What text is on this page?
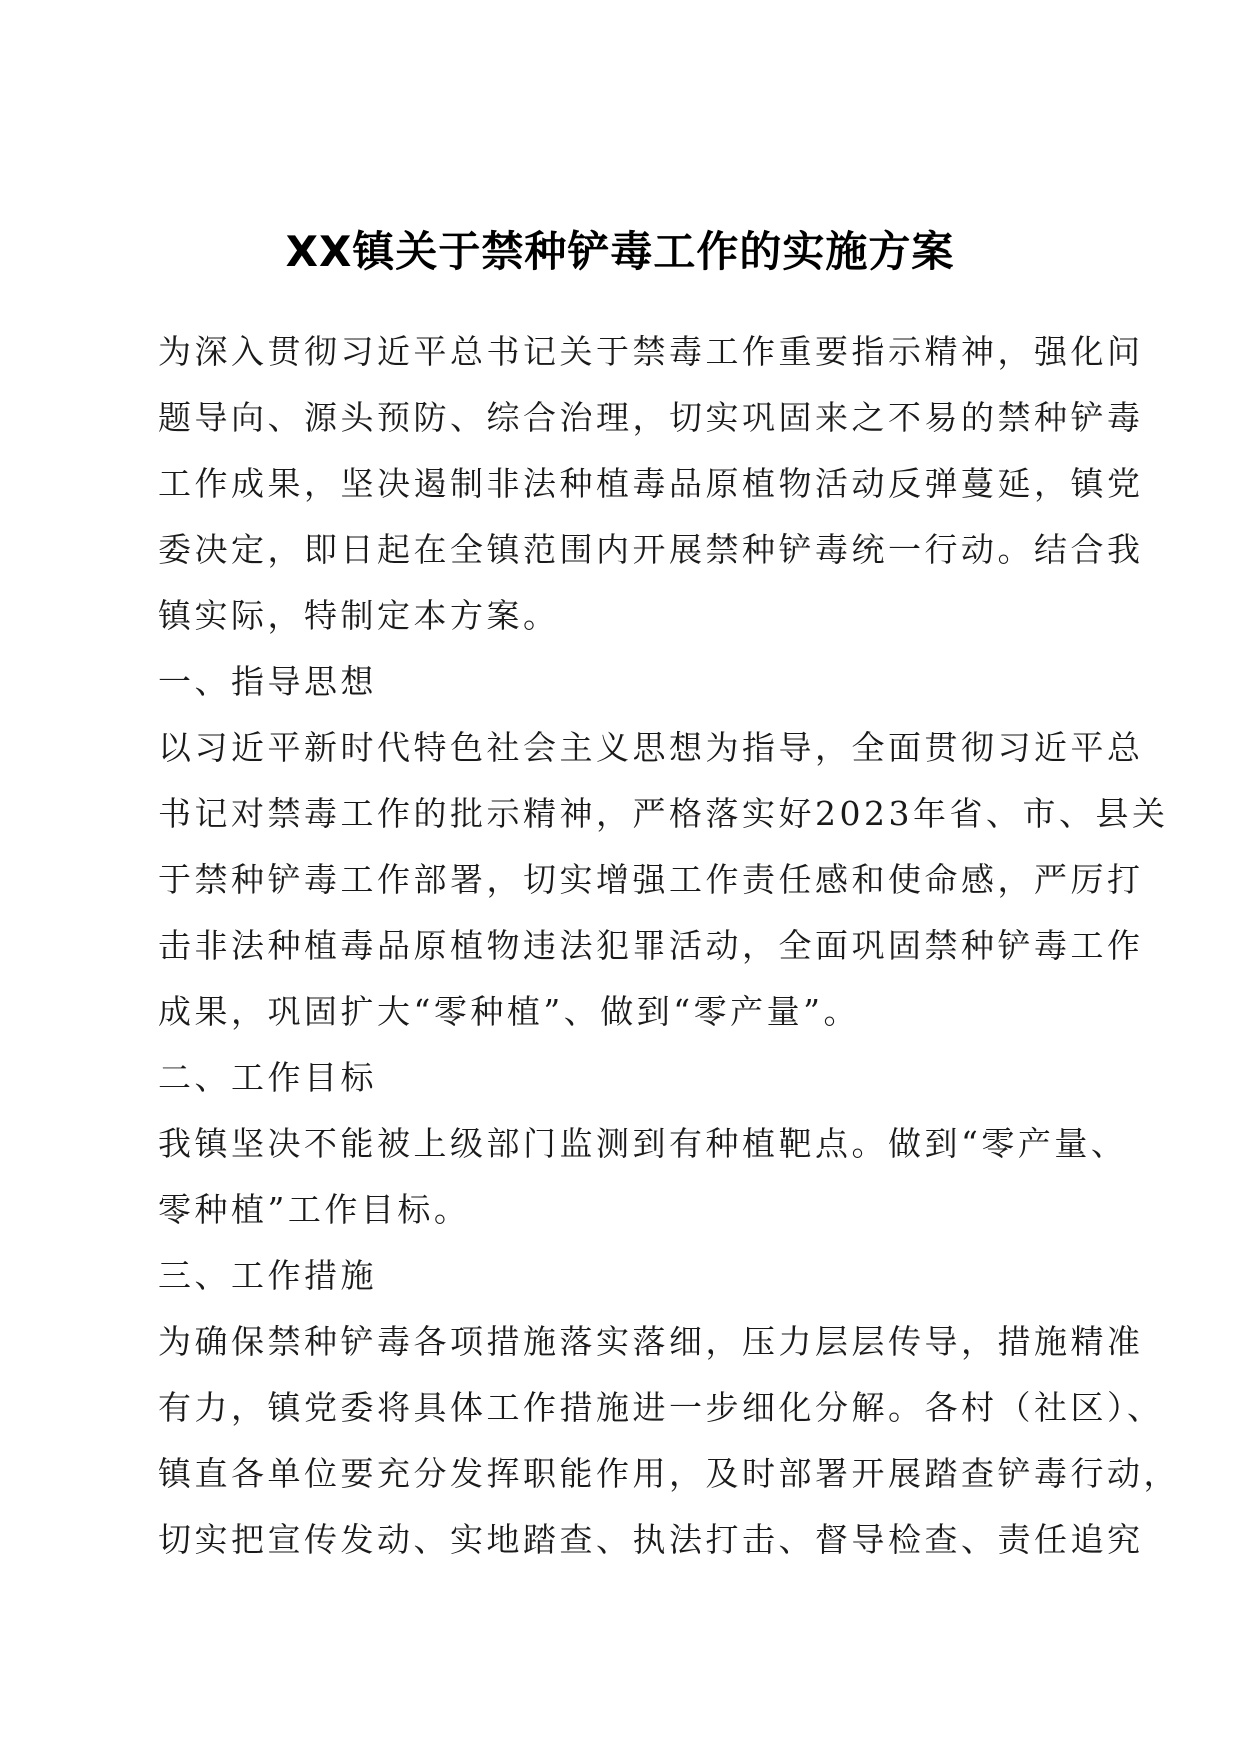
XX镇关于禁种铲毒工作的实施方案
为深入贯彻习近平总书记关于禁毒工作重要指示精神，强化问
题导向、源头预防、综合治理，切实巩固来之不易的禁种铲毒
工作成果，坚决遏制非法种植毒品原植物活动反弹蔓延，镇党
委决定，即日起在全镇范围内开展禁种铲毒统一行动。结合我
镇实际，特制定本方案。
一、指导思想
以习近平新时代特色社会主义思想为指导，全面贯彻习近平总
书记对禁毒工作的批示精神，严格落实好2023年省、市、县关
于禁种铲毒工作部署，切实增强工作责任感和使命感，严厉打
击非法种植毒品原植物违法犯罪活动，全面巩固禁种铲毒工作
成果，巩固扩大“零种植”、做到“零产量”。
二、工作目标
我镇坚决不能被上级部门监测到有种植靶点。做到“零产量、
零种植”工作目标。
三、工作措施
为确保禁种铲毒各项措施落实落细，压力层层传导，措施精准
有力，镇党委将具体工作措施进一步细化分解。各村（社区）、
镇直各单位要充分发挥职能作用，及时部署开展踏查铲毒行动，
切实把宣传发动、实地踏查、执法打击、督导检查、责任追究
